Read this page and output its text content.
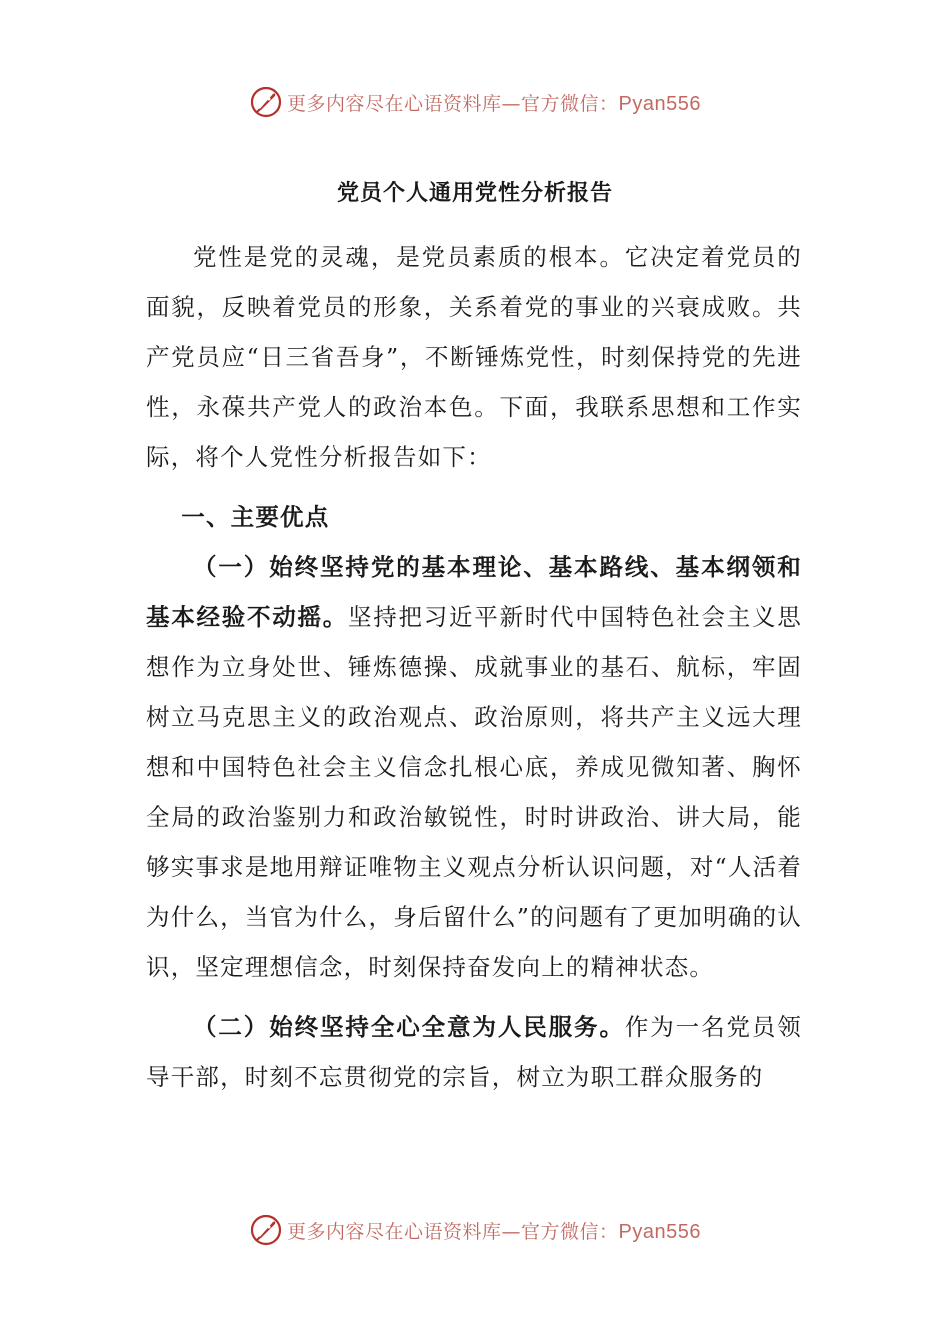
更多内容尽在心语资料库—官方微信：Pyan556
党员个人通用党性分析报告

党性是党的灵魂，是党员素质的根本。它决定着党员的面貌，反映着党员的形象，关系着党的事业的兴衰成败。共产党员应“日三省吾身”，不断锤炼党性，时刻保持党的先进性，永葆共产党人的政治本色。下面，我联系思想和工作实际，将个人党性分析报告如下：

一、主要优点

（一）始终坚持党的基本理论、基本路线、基本纲领和基本经验不动摇。坚持把习近平新时代中国特色社会主义思想作为立身处世、锤炼德操、成就事业的基石、航标，牢固树立马克思主义的政治观点、政治原则，将共产主义远大理想和中国特色社会主义信念扎根心底，养成见微知著、胸怀全局的政治鉴别力和政治敏锐性，时时讲政治、讲大局，能够实事求是地用辩证唯物主义观点分析认识问题，对“人活着为什么，当官为什么，身后留什么”的问题有了更加明确的认识，坚定理想信念，时刻保持奋发向上的精神状态。

（二）始终坚持全心全意为人民服务。作为一名党员领导干部，时刻不忘贯彻党的宗旨，树立为职工群众服务的

更多内容尽在心语资料库—官方微信：Pyan556
